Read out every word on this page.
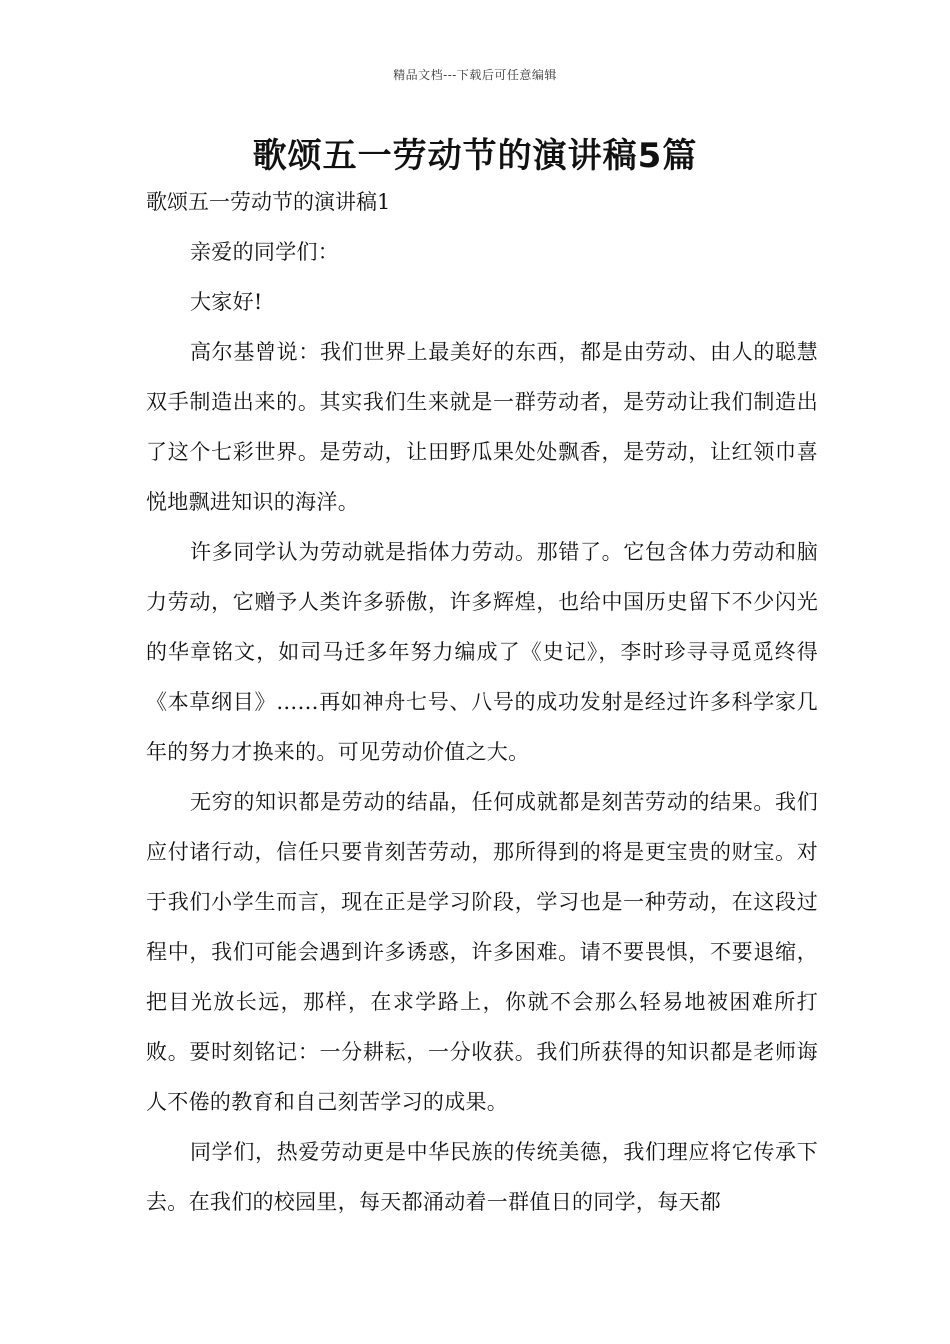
精品文档---下载后可任意编辑
歌颂五一劳动节的演讲稿5篇

歌颂五一劳动节的演讲稿1

亲爱的同学们：

大家好!

高尔基曾说：我们世界上最美好的东西，都是由劳动、由人的聪慧双手制造出来的。其实我们生来就是一群劳动者，是劳动让我们制造出了这个七彩世界。是劳动，让田野瓜果处处飘香，是劳动，让红领巾喜悦地飘进知识的海洋。

许多同学认为劳动就是指体力劳动。那错了。它包含体力劳动和脑力劳动，它赠予人类许多骄傲，许多辉煌，也给中国历史留下不少闪光的华章铭文，如司马迁多年努力编成了《史记》，李时珍寻寻觅觅终得《本草纲目》……再如神舟七号、八号的成功发射是经过许多科学家几年的努力才换来的。可见劳动价值之大。

无穷的知识都是劳动的结晶，任何成就都是刻苦劳动的结果。我们应付诸行动，信任只要肯刻苦劳动，那所得到的将是更宝贵的财宝。对于我们小学生而言，现在正是学习阶段，学习也是一种劳动，在这段过程中，我们可能会遇到许多诱惑，许多困难。请不要畏惧，不要退缩，把目光放长远，那样，在求学路上，你就不会那么轻易地被困难所打败。要时刻铭记：一分耕耘，一分收获。我们所获得的知识都是老师诲人不倦的教育和自己刻苦学习的成果。

同学们，热爱劳动更是中华民族的传统美德，我们理应将它传承下去。在我们的校园里，每天都涌动着一群值日的同学，每天都
